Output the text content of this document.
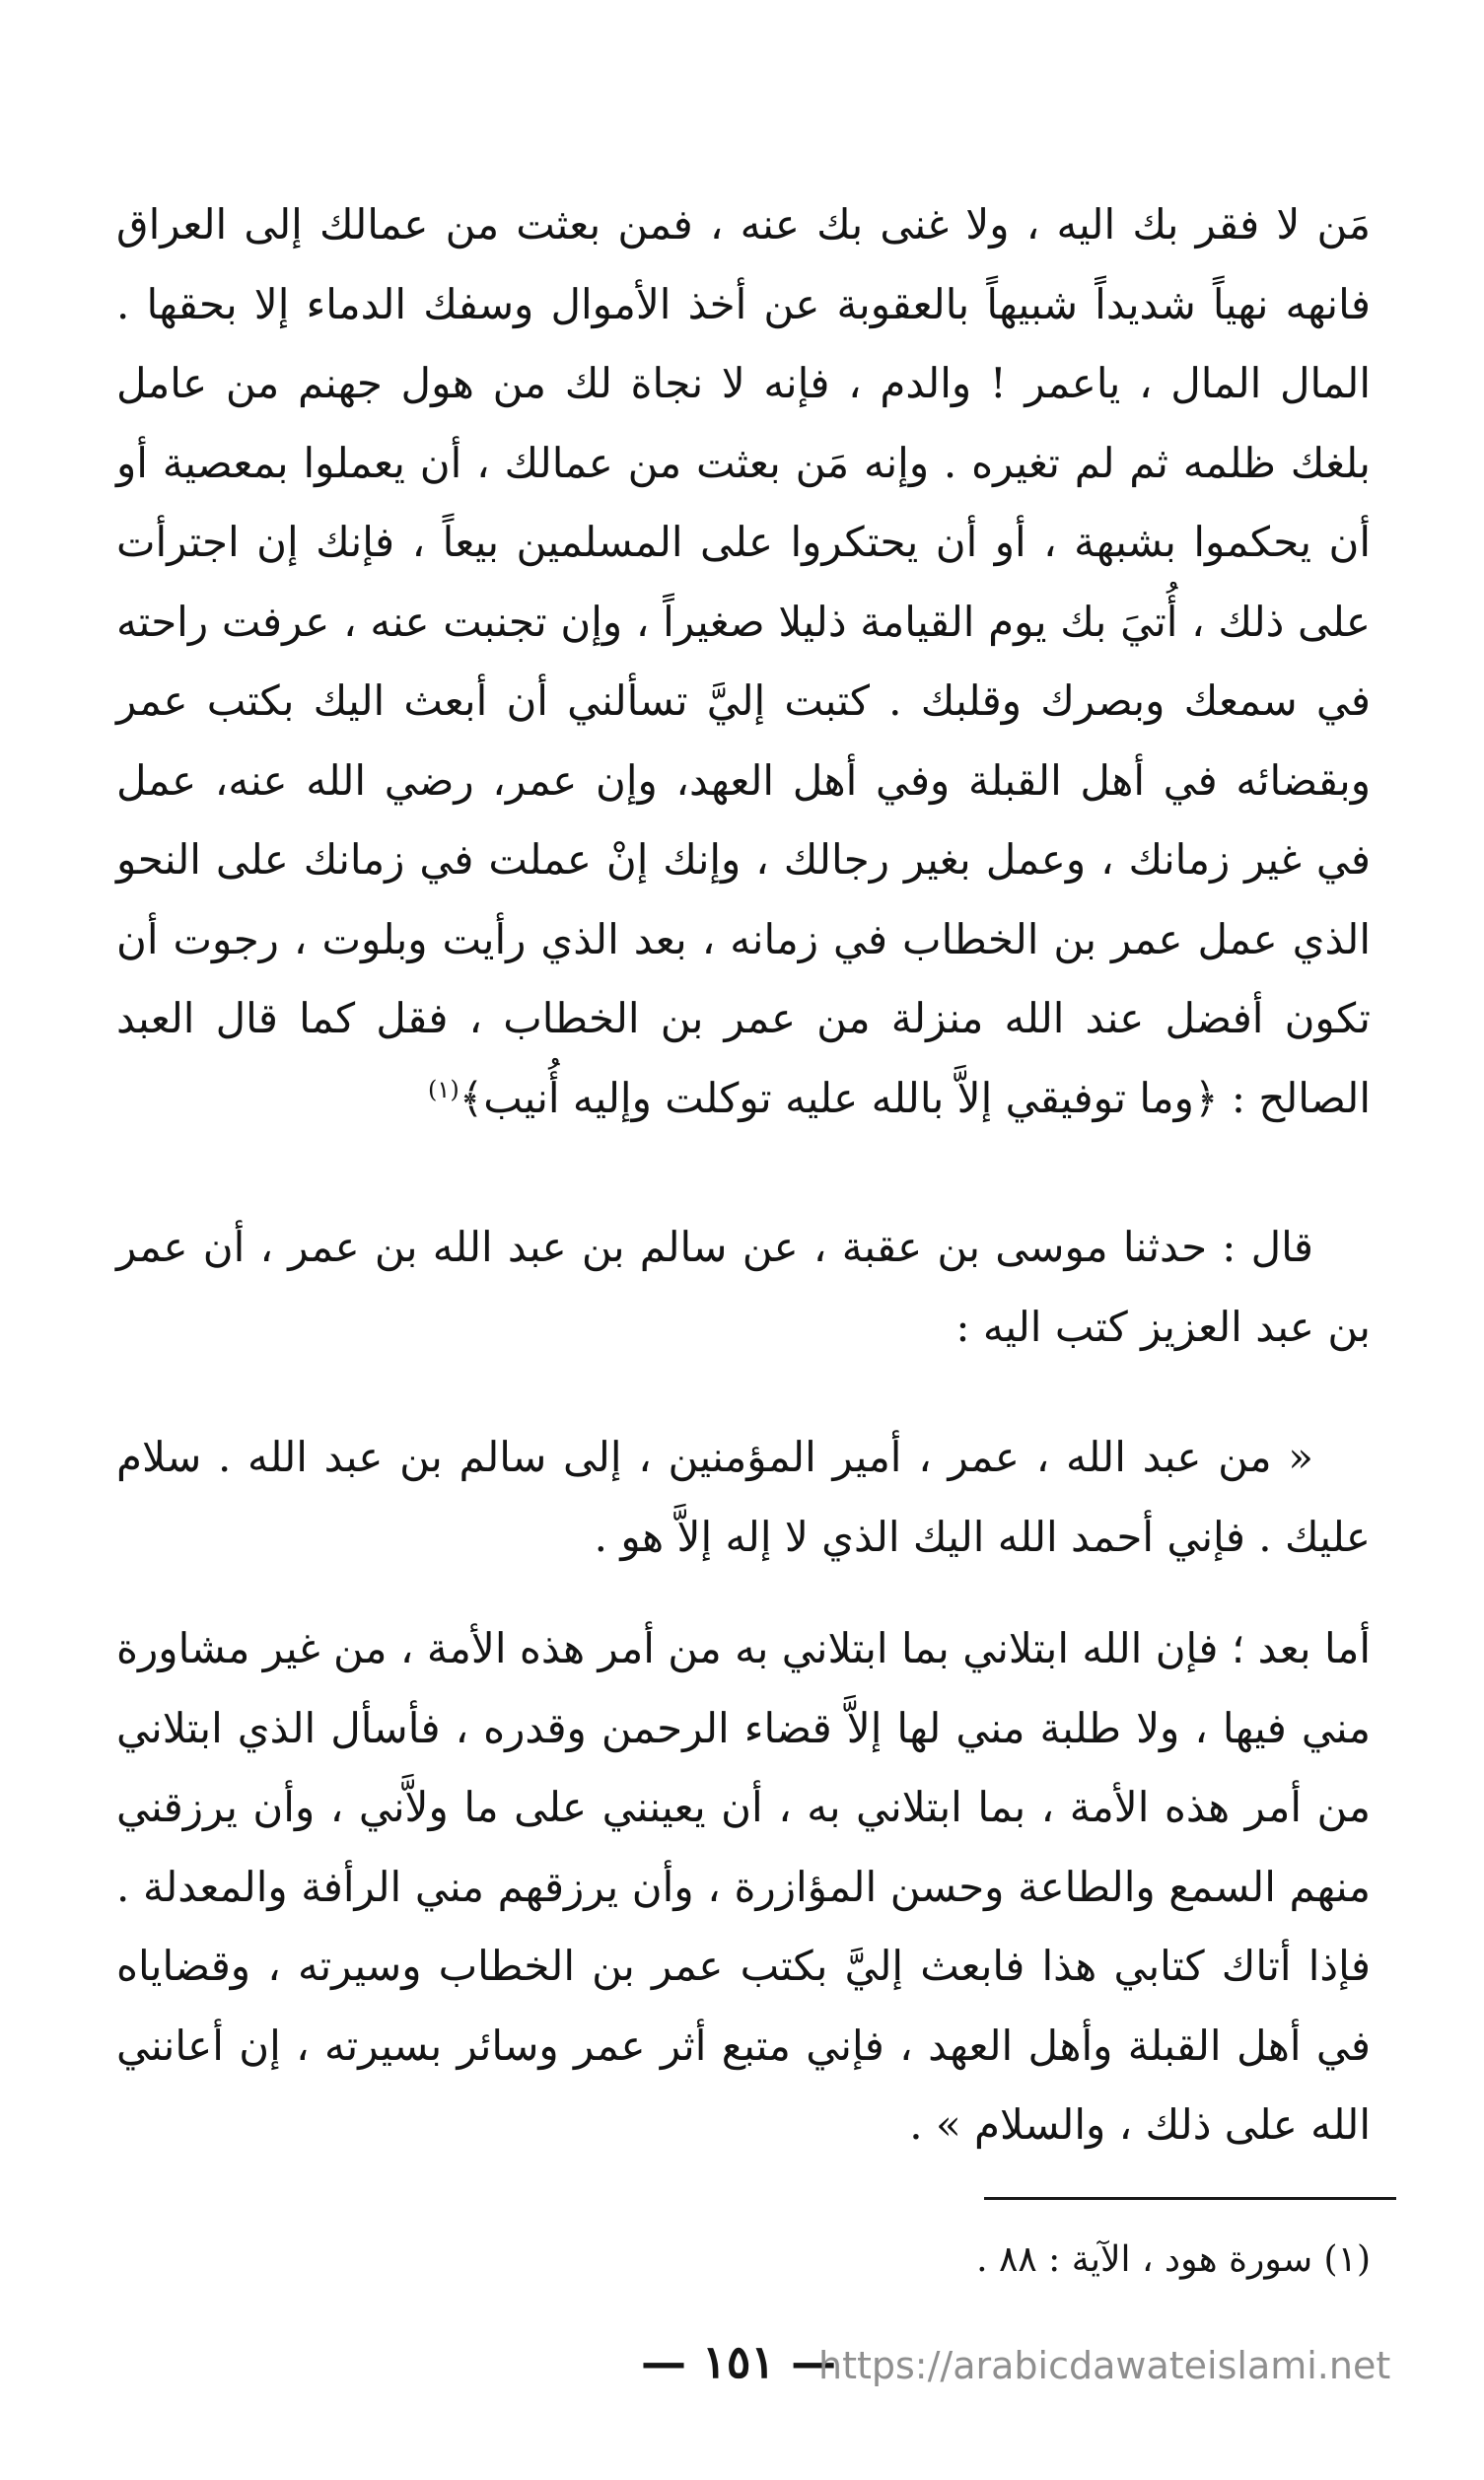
مَن لا فقر بك اليه ، ولا غنى بك عنه ، فمن بعثت من عمالك إلى العراق فانهه نهياً شديداً شبيهاً بالعقوبة عن أخذ الأموال وسفك الدماء إلا بحقها . المال المال ، ياعمر ! والدم ، فإنه لا نجاة لك من هول جهنم من عامل بلغك ظلمه ثم لم تغيره . وإنه مَن بعثت من عمالك ، أن يعملوا بمعصية أو أن يحكموا بشبهة ، أو أن يحتكروا على المسلمين بيعاً ، فإنك إن اجترأت على ذلك ، أُتيَ بك يوم القيامة ذليلا صغيراً ، وإن تجنبت عنه ، عرفت راحته في سمعك وبصرك وقلبك . كتبت إليَّ تسألني أن أبعث اليك بكتب عمر وبقضائه في أهل القبلة وفي أهل العهد، وإن عمر، رضي الله عنه، عمل في غير زمانك ، وعمل بغير رجالك ، وإنك إنْ عملت في زمانك على النحو الذي عمل عمر بن الخطاب في زمانه ، بعد الذي رأيت وبلوت ، رجوت أن تكون أفضل عند الله منزلة من عمر بن الخطاب ، فقل كما قال العبد الصالح : ﴿وما توفيقي إلاَّ بالله عليه توكلت وإليه أُنيب﴾$^{(١)}$

قال : حدثنا موسى بن عقبة ، عن سالم بن عبد الله بن عمر ، أن عمر بن عبد العزيز كتب اليه :

« من عبد الله ، عمر ، أمير المؤمنين ، إلى سالم بن عبد الله . سلام عليك . فإني أحمد الله اليك الذي لا إله إلاَّ هو .

أما بعد ؛ فإن الله ابتلاني بما ابتلاني به من أمر هذه الأمة ، من غير مشاورة مني فيها ، ولا طلبة مني لها إلاَّ قضاء الرحمن وقدره ، فأسأل الذي ابتلاني من أمر هذه الأمة ، بما ابتلاني به ، أن يعينني على ما ولاَّني ، وأن يرزقني منهم السمع والطاعة وحسن المؤازرة ، وأن يرزقهم مني الرأفة والمعدلة . فإذا أتاك كتابي هذا فابعث إليَّ بكتب عمر بن الخطاب وسيرته ، وقضاياه في أهل القبلة وأهل العهد ، فإني متبع أثر عمر وسائر بسيرته ، إن أعانني الله على ذلك ، والسلام » .

(١) سورة هود ، الآية : ٨٨ .
— ١٥١ —
https://arabicdawateislami.net
